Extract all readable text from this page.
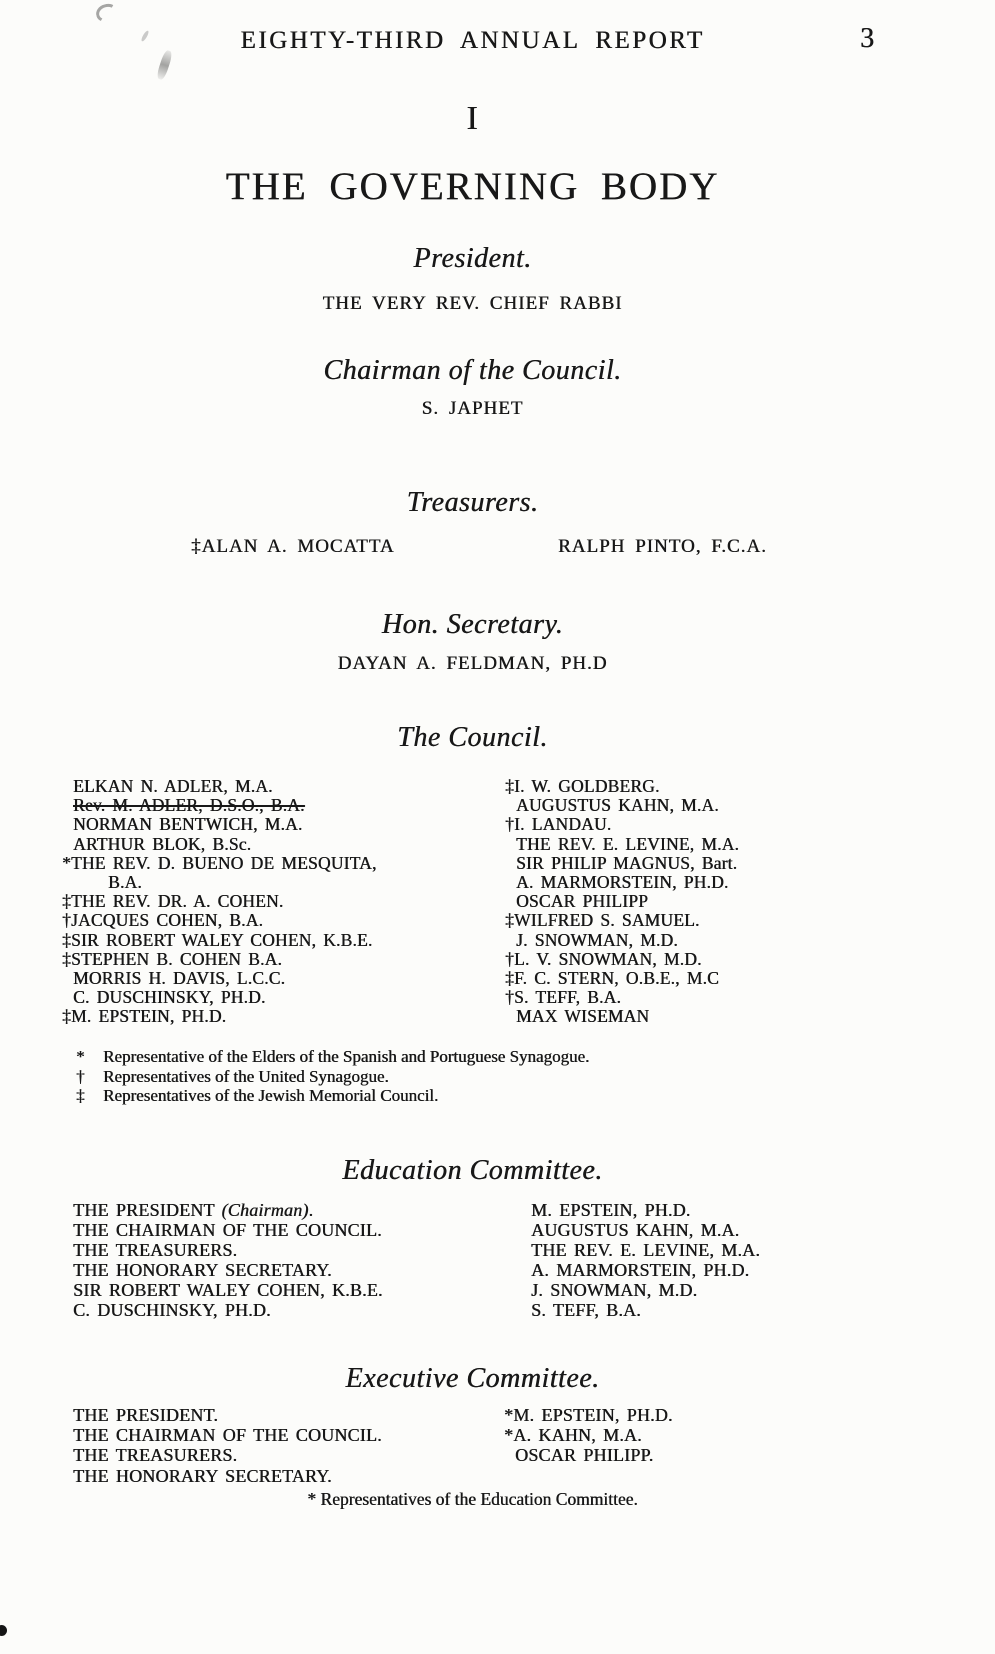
EIGHTY-THIRD ANNUAL REPORT	3
I
THE GOVERNING BODY
President.
THE VERY REV. CHIEF RABBI
Chairman of the Council.
S. JAPHET
Treasurers.
‡ALAN A. MOCATTA	RALPH PINTO, F.C.A.
Hon. Secretary.
DAYAN A. FELDMAN, PH.D
The Council.
ELKAN N. ADLER, M.A.
Rev. M. ADLER, D.S.O., B.A.
NORMAN BENTWICH, M.A.
ARTHUR BLOK, B.Sc.
*THE REV. D. BUENO DE MESQUITA,
B.A.
‡THE REV. DR. A. COHEN.
†JACQUES COHEN, B.A.
‡SIR ROBERT WALEY COHEN, K.B.E.
‡STEPHEN B. COHEN B.A.
MORRIS H. DAVIS, L.C.C.
C. DUSCHINSKY, PH.D.
‡M. EPSTEIN, PH.D.
‡I. W. GOLDBERG.
AUGUSTUS KAHN, M.A.
†I. LANDAU.
THE REV. E. LEVINE, M.A.
SIR PHILIP MAGNUS, Bart.
A. MARMORSTEIN, PH.D.
OSCAR PHILIPP
‡WILFRED S. SAMUEL.
J. SNOWMAN, M.D.
†L. V. SNOWMAN, M.D.
‡F. C. STERN, O.B.E., M.C
†S. TEFF, B.A.
MAX WISEMAN
*	Representative of the Elders of the Spanish and Portuguese Synagogue.
†	Representatives of the United Synagogue.
‡	Representatives of the Jewish Memorial Council.
Education Committee.
THE PRESIDENT (Chairman).
THE CHAIRMAN OF THE COUNCIL.
THE TREASURERS.
THE HONORARY SECRETARY.
SIR ROBERT WALEY COHEN, K.B.E.
C. DUSCHINSKY, PH.D.
M. EPSTEIN, PH.D.
AUGUSTUS KAHN, M.A.
THE REV. E. LEVINE, M.A.
A. MARMORSTEIN, PH.D.
J. SNOWMAN, M.D.
S. TEFF, B.A.
Executive Committee.
THE PRESIDENT.
THE CHAIRMAN OF THE COUNCIL.
THE TREASURERS.
THE HONORARY SECRETARY.
*M. EPSTEIN, PH.D.
*A. KAHN, M.A.
OSCAR PHILIPP.
* Representatives of the Education Committee.
